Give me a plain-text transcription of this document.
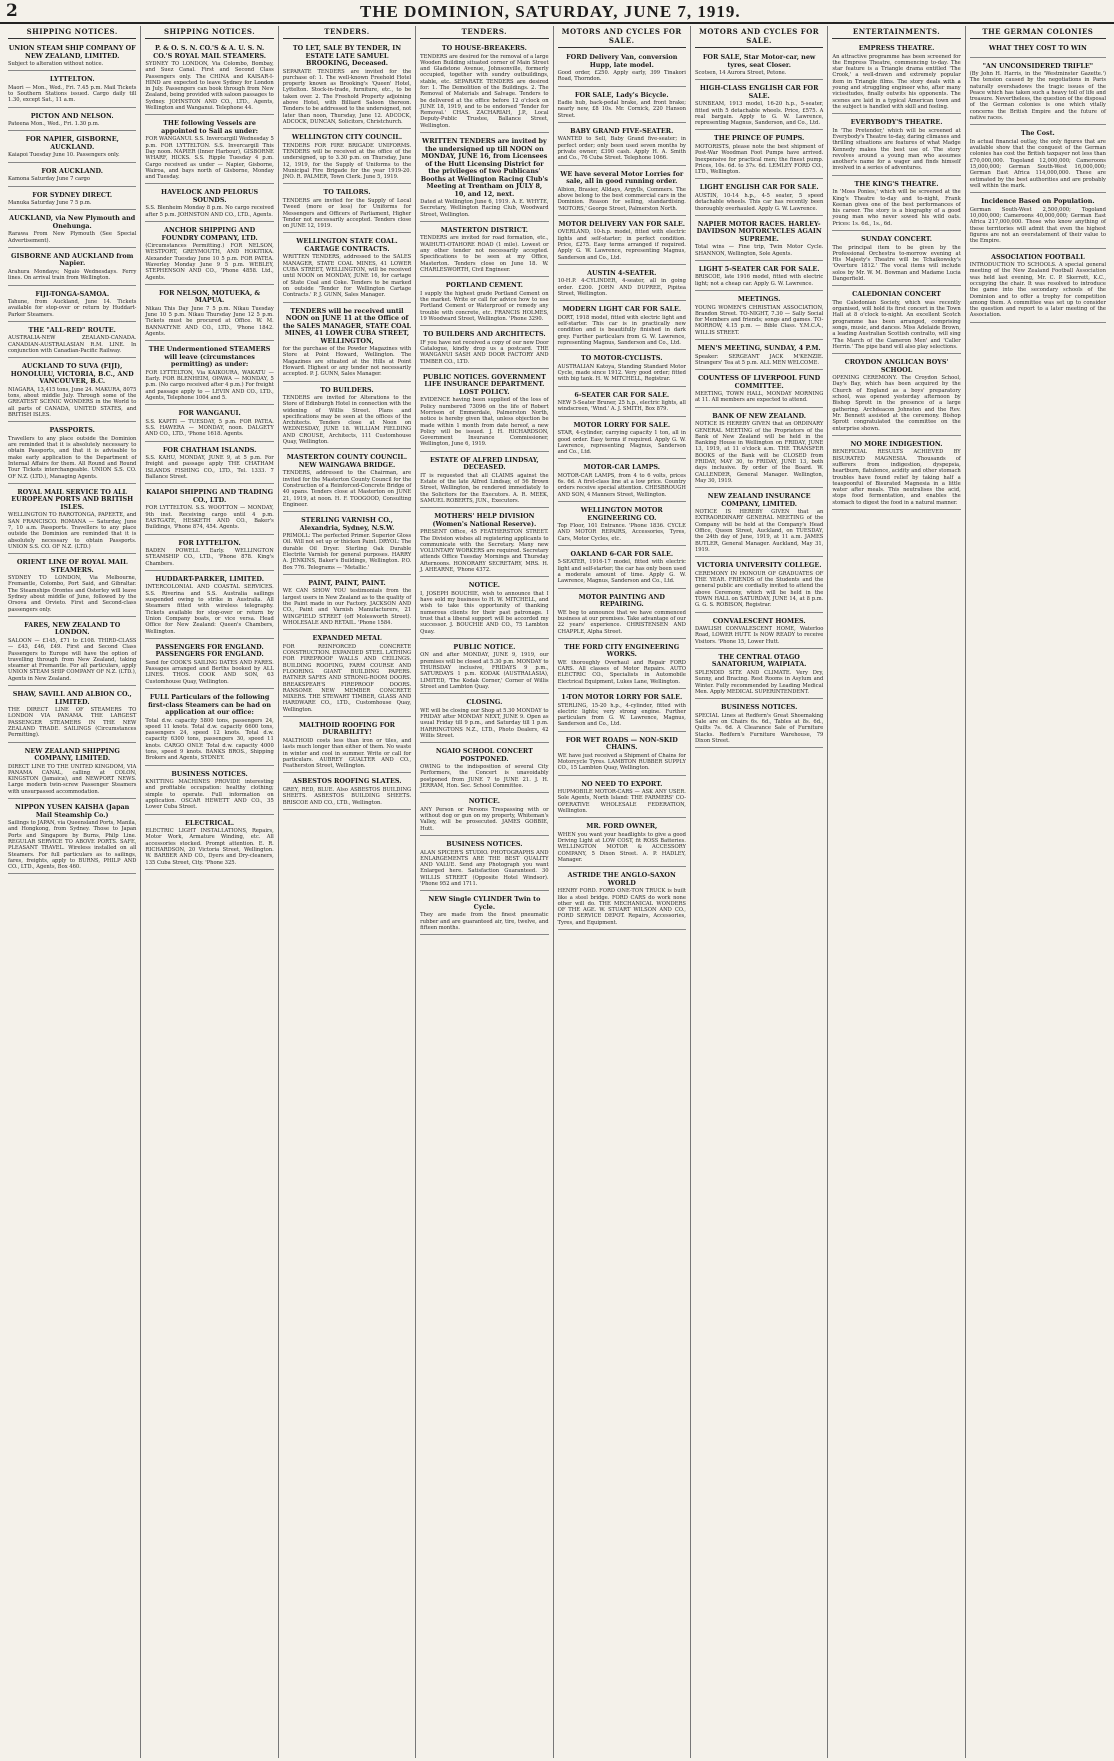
2	THE DOMINION, SATURDAY, JUNE 7, 1919.
SHIPPING NOTICES.
UNION STEAM SHIP COMPANY OF NEW ZEALAND, LIMITED.

Subject to alteration without notice.

LYTTELTON.

Maori — Mon., Wed., Fri. 7.45 p.m. Mail Tickets to Southern Stations issued. Cargo daily till 1.30, except Sat., 11 a.m.

PICTON AND NELSON.

Pateena Mon., Wed., Fri. 1.30 p.m.

FOR NAPIER, GISBORNE, AUCKLAND.

Kaiapoi Tuesday June 10. Passengers only.

FOR AUCKLAND.

Kamona Saturday June 7 cargo

FOR SYDNEY DIRECT.

Manuka Saturday June 7 5 p.m.

AUCKLAND, via New Plymouth and Onehunga.

Rarawa From New Plymouth (See Special Advertisement).

GISBORNE AND AUCKLAND from Napier.

Arahura Mondays; Ngaio Wednesdays. Ferry lines. On arrival train from Wellington.

FIJI-TONGA-SAMOA.

Tahune, from Auckland, June 14. Tickets available for stop-over or return by Huddart-Parker Steamers.

THE "ALL-RED" ROUTE.

AUSTRALIA-NEW ZEALAND-CANADA. CANADIAN-AUSTRALASIAN R.M. LINE. In conjunction with Canadian-Pacific Railway.

AUCKLAND TO SUVA (FIJI), HONOLULU, VICTORIA, B.C., AND VANCOUVER, B.C.

NIAGARA, 13,415 tons, June 24. MAKURA, 8075 tons, about middle July. Through some of the GREATEST SCENIC WONDERS in the World to all parts of CANADA, UNITED STATES, and BRITISH ISLES.

PASSPORTS.

Travellers to any place outside the Dominion are reminded that it is absolutely necessary to obtain Passports, and that it is advisable to make early application to the Department of Internal Affairs for them. All Round and Round Tour Tickets interchangeable. UNION S.S. CO. OF N.Z. (LTD.), Managing Agents.

ROYAL MAIL SERVICE TO ALL EUROPEAN PORTS AND BRITISH ISLES.

WELLINGTON TO RAROTONGA, PAPEETE, and SAN FRANCISCO. ROMANA — Saturday, June 7, 10 a.m. Passports. Travellers to any place outside the Dominion are reminded that it is absolutely necessary to obtain Passports. UNION S.S. CO. OF N.Z. (LTD.)

ORIENT LINE OF ROYAL MAIL STEAMERS.

SYDNEY TO LONDON, Via Melbourne, Fremantle, Colombo, Port Said, and Gibraltar. The Steamships Orontes and Osterley will leave Sydney about middle of June, followed by the Orsova and Orvieto. First and Second-class passengers only.

FARES, NEW ZEALAND TO LONDON.

SALOON — £145, £71 to £108. THIRD-CLASS — £43, £46, £49. First and Second Class Passengers to Europe will have the option of travelling through from New Zealand, taking steamer at Fremantle. For all particulars, apply UNION STEAM SHIP COMPANY OF N.Z. (LTD.), Agents in New Zealand.

SHAW, SAVILL AND ALBION CO., LIMITED.

THE DIRECT LINE OF STEAMERS TO LONDON VIA PANAMA. THE LARGEST PASSENGER STEAMERS IN THE NEW ZEALAND TRADE. SAILINGS (Circumstances Permitting).

NEW ZEALAND SHIPPING COMPANY, LIMITED.

DIRECT LINE TO THE UNITED KINGDOM, VIA PANAMA CANAL, calling at COLON, KINGSTON (Jamaica), and NEWPORT NEWS. Large modern twin-screw Passenger Steamers with unsurpassed accommodation.

NIPPON YUSEN KAISHA (Japan Mail Steamship Co.)

Sailings to JAPAN, via Queensland Ports, Manila, and Hongkong, from Sydney. Those to Japan Ports and Singapore by Burns, Philp Line. REGULAR SERVICE TO ABOVE PORTS. SAFE, PLEASANT TRAVEL. Wireless installed on all Steamers. For full particulars as to sailings, fares, freights, apply to BURNS, PHILP AND CO., LTD., Agents, Box 460.

SHIPPING NOTICES.
P. & O. S. N. CO.'S & A. U. S. N. CO.'S ROYAL MAIL STEAMERS.

SYDNEY TO LONDON, Via Colombo, Bombay, and Suez Canal. First and Second Class Passengers only. The CHINA and KAISAR-I-HIND are expected to leave Sydney for London in July. Passengers can book through from New Zealand, being provided with saloon passages to Sydney. JOHNSTON AND CO., LTD., Agents, Wellington and Wanganui. Telephone 44.

THE following Vessels are appointed to Sail as under:

FOR WANGANUI. S.S. Invercargill Wednesday 5 p.m. FOR LYTTELTON. S.S. Invercargill This Day noon. NAPIER (Inner Harbour), GISBORNE WHARF, HICKS. S.S. Ripple Tuesday 4 p.m. Cargo received as under — Napier, Gisborne, Wairoa, and bays north of Gisborne, Monday and Tuesday.

HAVELOCK AND PELORUS SOUNDS.

S.S. Blenheim Monday 8 p.m. No cargo received after 5 p.m. JOHNSTON AND CO., LTD., Agents.

ANCHOR SHIPPING AND FOUNDRY COMPANY, LTD.

(Circumstances Permitting.) FOR NELSON, WESTPORT, GREYMOUTH, AND HOKITIKA. Alexander Tuesday June 10 5 p.m. FOR PATEA. Waverley Monday June 9 5 p.m. WEBLEY, STEPHENSON AND CO., 'Phone 4858. Ltd., Agents.

FOR NELSON, MOTUEKA, & MAPUA.

Nikau This Day June 7 5 p.m. Nikau Tuesday June 10 5 p.m. Nikau Thursday June 12 5 p.m. Tickets must be procured at Office. W. M. BANNATYNE AND CO., LTD., 'Phone 1842. Agents.

THE Undermentioned STEAMERS will leave (circumstances permitting) as under:

FOR LYTTELTON, Via KAIKOURA, WAKATU — Early. FOR BLENHEIM, OPAWA — MONDAY, 5 p.m. (No cargo received after 4 p.m.) For freight and passage apply to — LEVIN AND CO., LTD., Agents, Telephone 1004 and 5.

FOR WANGANUI.

S.S. KAPITI — TUESDAY, 5 p.m. FOR PATEA. S.S. HAWERA — MONDAY, noon. DALGETY AND CO., LTD., 'Phone 1618. Agents.

FOR CHATHAM ISLANDS.

S.S. KAHU, MONDAY, JUNE 9, at 5 p.m. For freight and passage apply THE CHATHAM ISLANDS FISHING CO., LTD., Tel. 1333. 7 Ballance Street.

KAIAPOI SHIPPING AND TRADING CO., LTD.

FOR LYTTELTON. S.S. WOOTTON — MONDAY, 9th inst. Receiving cargo until 4 p.m. EASTGATE, HESKETH AND CO., Baker's Buildings, 'Phone 874, 454. Agents.

FOR LYTTELTON.

BADEN POWELL Early. WELLINGTON STEAMSHIP CO., LTD., 'Phone 878. King's Chambers.

HUDDART-PARKER, LIMITED.

INTERCOLONIAL AND COASTAL SERVICES. S.S. Riverina and S.S. Australia sailings suspended owing to strike in Australia. All Steamers fitted with wireless telegraphy. Tickets available for stop-over or return by Union Company boats, or vice versa. Head Office for New Zealand: Queen's Chambers, Wellington.

PASSENGERS FOR ENGLAND. PASSENGERS FOR ENGLAND.

Send for COOK'S SAILING DATES AND FARES. Passages arranged and Berths booked by ALL LINES. THOS. COOK AND SON, 63 Customhouse Quay, Wellington.

FULL Particulars of the following first-class Steamers can be had on application at our office:

Total d.w. capacity 5800 tons, passengers 24, speed 11 knots. Total d.w. capacity 6600 tons, passengers 24, speed 12 knots. Total d.w. capacity 6300 tons, passengers 30, speed 11 knots. CARGO ONLY: Total d.w. capacity 4000 tons, speed 9 knots. BANKS BROS., Shipping Brokers and Agents, SYDNEY.

BUSINESS NOTICES.

KNITTING MACHINES PROVIDE interesting and profitable occupation: healthy clothing; simple to operate. Full information on application. OSCAR HEWETT AND CO., 35 Lower Cuba Street.

ELECTRICAL.

ELECTRIC LIGHT INSTALLATIONS, Repairs, Motor Work, Armature Winding, etc. All accessories stocked. Prompt attention. E. R. RICHARDSON, 20 Victoria Street, Wellington. W. BARBER AND CO., Dyers and Dry-cleaners, 135 Cuba Street, City. 'Phone 325.

TENDERS.
TO LET, SALE BY TENDER, IN ESTATE LATE SAMUEL BROOKING, Deceased.

SEPARATE TENDERS are invited for the purchase of: 1. The well-known Freehold Hotel property known as Brooking's 'Queen' Hotel, Lyttelton. Stock-in-trade, furniture, etc., to be taken over. 2. The Freehold Property adjoining above Hotel, with Billiard Saloon thereon. Tenders to be addressed to the undersigned, not later than noon, Thursday, June 12. ADCOCK, ADCOCK, DUNCAN, Solicitors, Christchurch.

WELLINGTON CITY COUNCIL.

TENDERS FOR FIRE BRIGADE UNIFORMS. TENDERS will be received at the office of the undersigned, up to 3.30 p.m. on Thursday, June 12, 1919, for the Supply of Uniforms to the Municipal Fire Brigade for the year 1919-20. JNO. R. PALMER, Town Clerk. June 5, 1919.

TO TAILORS.

TENDERS are invited for the Supply of Local Tweed (more or less) for Uniforms for Messengers and Officers of Parliament, Higher Tender not necessarily accepted. Tenders close on JUNE 12, 1919.

WELLINGTON STATE COAL. CARTAGE CONTRACTS.

WRITTEN TENDERS, addressed to the SALES MANAGER, STATE COAL MINES, 41 LOWER CUBA STREET, WELLINGTON, will be received until NOON on MONDAY, JUNE 16, for cartage of State Coal and Coke. Tenders to be marked on outside 'Tender for Wellington Cartage Contracts.' P. J. GUNN, Sales Manager.

TENDERS will be received until NOON on JUNE 11 at the Office of the SALES MANAGER, STATE COAL MINES, 41 LOWER CUBA STREET, WELLINGTON,

for the purchase of the Powder Magazines with Store at Point Howard, Wellington. The Magazines are situated at the Hills at Point Howard. Highest or any tender not necessarily accepted. P. J. GUNN, Sales Manager.

TO BUILDERS.

TENDERS are invited for Alterations to the Store of Edinburgh Hotel in connection with the widening of Willis Street. Plans and specifications may be seen at the offices of the Architects. Tenders close at Noon on WEDNESDAY, JUNE 18. WILLIAM FIELDING AND CROUSE, Architects, 111 Customhouse Quay, Wellington.

MASTERTON COUNTY COUNCIL. NEW WAINGAWA BRIDGE.

TENDERS, addressed to the Chairman, are invited for the Masterton County Council for the Construction of a Reinforced-Concrete Bridge of 40 spans. Tenders close at Masterton on JUNE 21, 1919, at noon. H. F. TOOGOOD, Consulting Engineer.

STERLING VARNISH CO., Alexandria, Sydney, N.S.W.

PRIMOLL: The perfected Primer. Superior Gloss Oil. Will not set up or thicken Paint. DRYOL: The durable Oil Dryer. Sterling Oak Durable Electrite Varnish for general purposes. HARRY A. JENKINS, Baker's Buildings, Wellington. P.O. Box 776. Telegrams — 'Metallic.'

PAINT, PAINT, PAINT.

WE CAN SHOW YOU testimonials from the largest users in New Zealand as to the quality of the Paint made in our Factory. JACKSON AND CO., Paint and Varnish Manufacturers, 21 WINGFIELD STREET (off Molesworth Street). WHOLESALE AND RETAIL. 'Phone 1584.

EXPANDED METAL

FOR REINFORCED CONCRETE CONSTRUCTION. EXPANDED STEEL LATHING FOR FIREPROOF WALLS AND CEILINGS. BUILDING ROOFING, FARM COURSE AND FLOORING. GIANT BUILDING PAPERS. RATNER SAFES AND STRONG-ROOM DOORS. BREAKSPEAR'S FIREPROOF DOORS. RANSOME NEW MEMBER CONCRETE MIXERS. THE STEWART TIMBER, GLASS AND HARDWARE CO., LTD., Customhouse Quay, Wellington.

MALTHOID ROOFING FOR DURABILITY!

MALTHOID costs less than iron or tiles, and lasts much longer than either of them. No waste in winter and cool in summer. Write or call for particulars. AUBREY GUALTER AND CO., Featherston Street, Wellington.

ASBESTOS ROOFING SLATES.

GREY, RED, BLUE. Also ASBESTOS BUILDING SHEETS. ASBESTOS BUILDING SHEETS. BRISCOE AND CO., LTD., Wellington.

TENDERS.
TO HOUSE-BREAKERS.

TENDERS are desired for the removal of a large Wooden Building situated corner of Main Street and Gladstone Avenue, Johnsonville, formerly occupied, together with sundry outbuildings, stable, etc. SEPARATE TENDERS are desired for: 1. The Demolition of the Buildings. 2. The Removal of Materials and Salvage. Tenders to be delivered at the office before 12 o'clock on JUNE 18, 1919, and to be endorsed 'Tender for Removal.' CHAS. ZACHARIAH, J.P., Local Deputy-Public Trustee, Ballance Street, Wellington.

WRITTEN TENDERS are invited by the undersigned up till NOON on MONDAY, JUNE 16, from Licensees of the Hutt Licensing District for the privileges of two Publicans' Booths at Wellington Racing Club's Meeting at Trentham on JULY 8, 10, and 12, next.

Dated at Wellington June 6, 1919. A. E. WHYTE, Secretary, Wellington Racing Club, Woodward Street, Wellington.

MASTERTON DISTRICT.

TENDERS are invited for road formation, etc., WAIHUTI-OTAHORE ROAD (1 mile). Lowest or any other tender not necessarily accepted. Specifications to be seen at my Office, Masterton. Tenders close on June 18. W. CHARLESWORTH, Civil Engineer.

PORTLAND CEMENT.

I supply the highest grade Portland Cement on the market. Write or call for advice how to use Portland Cement or Waterproof or remedy any trouble with concrete, etc. FRANCIS HOLMES, 19 Woodward Street, Wellington. 'Phone 3290.

TO BUILDERS AND ARCHITECTS.

IF you have not received a copy of our new Door Catalogue, kindly drop us a postcard. THE WANGANUI SASH AND DOOR FACTORY AND TIMBER CO., LTD.

PUBLIC NOTICES. GOVERNMENT LIFE INSURANCE DEPARTMENT. LOST POLICY.

EVIDENCE having been supplied of the loss of Policy numbered 73096 on the life of Robert Morrison of Emmerdale, Palmerston North, notice is hereby given that, unless objection be made within 1 month from date hereof, a new Policy will be issued. J. H. RICHARDSON, Government Insurance Commissioner, Wellington, June 6, 1919.

ESTATE OF ALFRED LINDSAY, DECEASED.

IT is requested that all CLAIMS against the Estate of the late Alfred Lindsay, of 56 Brown Street, Wellington, be rendered immediately to the Solicitors for the Executors. A. R. MEEK, SAMUEL ROBERTS, JUN., Executors.

MOTHERS' HELP DIVISION (Women's National Reserve).

PRESENT Office, 45 FEATHERSTON STREET. The Division wishes all registering applicants to communicate with the Secretary. Many new VOLUNTARY WORKERS are required. Secretary attends Office Tuesday Mornings and Thursday Afternoons. HONORARY SECRETARY, MRS. H. J. AHEARNE, 'Phone 4372.

NOTICE.

I, JOSEPH BOUCHIE, wish to announce that I have sold my business to H. W. MITCHELL, and wish to take this opportunity of thanking numerous clients for their past patronage. I trust that a liberal support will be accorded my successor. J. BOUCHIE AND CO., 75 Lambton Quay.

PUBLIC NOTICE.

ON and after MONDAY, JUNE 9, 1919, our premises will be closed at 5.30 p.m. MONDAY to THURSDAY inclusive, FRIDAYS 9 p.m., SATURDAYS 1 p.m. KODAK (AUSTRALASIA), LIMITED, 'The Kodak Corner,' Corner of Willis Street and Lambton Quay.

CLOSING.

WE will be closing our Shop at 5.30 MONDAY to FRIDAY after MONDAY NEXT, JUNE 9. Open as usual Friday till 9 p.m., and Saturday till 1 p.m. HARRINGTONS N.Z., LTD., Photo Dealers, 42 Willis Street.

NGAIO SCHOOL CONCERT POSTPONED.

OWING to the indisposition of several City Performers, the Concert is unavoidably postponed from JUNE 7 to JUNE 21. J. H. JERRAM, Hon. Sec. School Committee.

NOTICE.

ANY Person or Persons Trespassing with or without dog or gun on my property, Whiteman's Valley, will be prosecuted. JAMES GOBBIE, Hutt.

BUSINESS NOTICES.

ALAN SPICER'S STUDIO. PHOTOGRAPHS AND ENLARGEMENTS ARE THE BEST QUALITY AND VALUE. Send any Photograph you want Enlarged here. Satisfaction Guaranteed. 30 WILLIS STREET (Opposite Hotel Windsor). 'Phone 952 and 1711.

NEW Single CYLINDER Twin to Cycle.

They are made from the finest pneumatic rubber and are guaranteed air, tire, twelve, and fifteen months.

MOTORS AND CYCLES FOR SALE.
FORD Delivery Van, conversion Hupp, late model.

Good order, £250. Apply early, 399 Tinakori Road, Thorndon.

FOR SALE, Lady's Bicycle.

Eadie hub, back-pedal brake, and front brake; nearly new, £8 10s. Mr. Cornick, 220 Hanson Street.

BABY GRAND FIVE-SEATER.

WANTED to Sell, Baby Grand five-seater; in perfect order; only been used seven months by private owner; £390 cash. Apply H. A. Smith and Co., 76 Cuba Street. Telephone 1066.

WE have several Motor Lorries for sale, all in good running order.

Albion, Brasier, Alldays, Argylls, Commers. The above belong to the best commercial cars in the Dominion. Reason for selling, standardising. 'MOTORS,' George Street, Palmerston North.

MOTOR DELIVERY VAN FOR SALE.

OVERLAND, 10-h.p. model, fitted with electric lights and self-starter; in perfect condition. Price, £275. Easy terms arranged if required. Apply G. W. Lawrence, representing Magnus, Sanderson and Co., Ltd.

AUSTIN 4-SEATER.

10-H.P. 4-CYLINDER, 4-seater, all in going order. £200. JOHN AND DUPREE, Pipitea Street, Wellington.

MODERN LIGHT CAR FOR SALE.

DORT, 1918 model, fitted with electric light and self-starter. This car is in practically new condition and is beautifully finished in dark grey. Further particulars from G. W. Lawrence, representing Magnus, Sanderson and Co., Ltd.

TO MOTOR-CYCLISTS.

AUSTRALIAN Katoya, Standing Standard Motor Cycle, made since 1912. Very good order; fitted with big tank. H. W. MITCHELL, Registrar.

6-SEATER CAR FOR SALE.

NEW 5-Seater Bruner, 25 h.p., electric lights, all windscreen, 'Wind.' A. J. SMITH, Box 879.

MOTOR LORRY FOR SALE.

STAR, 4-cylinder, carrying capacity 1 ton, all in good order. Easy terms if required. Apply G. W. Lawrence, representing Magnus, Sanderson and Co., Ltd.

MOTOR-CAR LAMPS.

MOTOR-CAR LAMPS, from 4 to 6 volts, prices 6s. 6d. A first-class line at a low price. Country orders receive special attention. CHESBROUGH AND SON, 4 Manners Street, Wellington.

WELLINGTON MOTOR ENGINEERING CO.

Top Floor, 101 Entrance. 'Phone 1836. CYCLE AND MOTOR REPAIRS, Accessories, Tyres, Cars, Motor Cycles, etc.

OAKLAND 6-CAR FOR SALE.

5-SEATER, 1916-17 model, fitted with electric light and self-starter; the car has only been used a moderate amount of time. Apply G. W. Lawrence, Magnus, Sanderson and Co., Ltd.

MOTOR PAINTING AND REPAIRING.

WE beg to announce that we have commenced business at our premises. Take advantage of our 22 years' experience. CHRISTENSEN AND CHAPPLE, Alpha Street.

THE FORD CITY ENGINEERING WORKS.

WE thoroughly Overhaul and Repair FORD CARS. All classes of Motor Repairs. AUTO ELECTRIC CO., Specialists in Automobile Electrical Equipment, Lukes Lane, Wellington.

1-TON MOTOR LORRY FOR SALE.

STERLING, 15-20 h.p., 4-cylinder, fitted with electric lights; very strong engine. Further particulars from G. W. Lawrence, Magnus, Sanderson and Co., Ltd.

FOR WET ROADS — NON-SKID CHAINS.

WE have just received a Shipment of Chains for Motorcycle Tyres. LAMBTON RUBBER SUPPLY CO., 15 Lambton Quay, Wellington.

NO NEED TO EXPORT.

HUPMOBILE MOTOR-CARS — ASK ANY USER. Sole Agents, North Island: THE FARMERS' CO-OPERATIVE WHOLESALE FEDERATION, Wellington.

MR. FORD OWNER,

WHEN you want your headlights to give a good Driving Light at LOW COST, fit ROSS Batteries. WELLINGTON MOTOR & ACCESSORY COMPANY, 5 Dixon Street. A. P. HADLEY, Manager.

ASTRIDE THE ANGLO-SAXON WORLD

HENRY FORD. FORD ONE-TON TRUCK is built like a steel bridge. FORD CARS do work none other will do. THE MECHANICAL WONDERS OF THE AGE. W. STUART WILSON AND CO., FORD SERVICE DEPOT. Repairs, Accessories, Tyres, and Equipment.

MOTORS AND CYCLES FOR SALE.
FOR SALE, Star Motor-car, new tyres, seat Closer.

Scotsen, 14 Aurora Street, Petone.

HIGH-CLASS ENGLISH CAR FOR SALE.

SUNBEAM, 1913 model, 16-20 h.p., 5-seater, fitted with 5 detachable wheels. Price, £575. A real bargain. Apply to G. W. Lawrence, representing Magnus, Sanderson, and Co., Ltd.

THE PRINCE OF PUMPS.

MOTORISTS, please note the best shipment of Post-War Woodman Foot Pumps have arrived. Inexpensive for practical men; the finest pump. Prices, 10s. 6d. to 37s. 6d. LEMLEY FORD CO., LTD., Wellington.

LIGHT ENGLISH CAR FOR SALE.

AUSTIN, 10-14 h.p., 4-5 seater, 5 speed detachable wheels. This car has recently been thoroughly overhauled. Apply G. W. Lawrence.

NAPIER MOTOR RACES. HARLEY-DAVIDSON MOTORCYCLES AGAIN SUPREME.

Total wins — Fine trip, Twin Motor Cycle. SHANNON, Wellington, Sole Agents.

LIGHT 5-SEATER CAR FOR SALE.

BRISCOE, late 1916 model, fitted with electric light; not a cheap car. Apply G. W. Lawrence.

MEETINGS.

YOUNG WOMEN'S CHRISTIAN ASSOCIATION, Brandon Street. TO-NIGHT, 7.30 — Sally Social for Members and friends; songs and games. TO-MORROW, 4.15 p.m. — Bible Class. Y.M.C.A., WILLIS STREET.

MEN'S MEETING, SUNDAY, 4 P.M.

Speaker: SERGEANT JACK M'KENZIE. Strangers' Tea at 5 p.m. ALL MEN WELCOME.

COUNTESS OF LIVERPOOL FUND COMMITTEE.

MEETING, TOWN HALL, MONDAY MORNING at 11. All members are expected to attend.

BANK OF NEW ZEALAND.

NOTICE IS HEREBY GIVEN that an ORDINARY GENERAL MEETING of the Proprietors of the Bank of New Zealand will be held in the Banking House in Wellington on FRIDAY, JUNE 13, 1919, at 11 o'clock a.m. THE TRANSFER BOOKS of the Bank will be CLOSED from FRIDAY, MAY 30, to FRIDAY, JUNE 13, both days inclusive. By order of the Board. W. CALLENDER, General Manager. Wellington, May 30, 1919.

NEW ZEALAND INSURANCE COMPANY, LIMITED.

NOTICE IS HEREBY GIVEN that an EXTRAORDINARY GENERAL MEETING of the Company will be held at the Company's Head Office, Queen Street, Auckland, on TUESDAY, the 24th day of June, 1919, at 11 a.m. JAMES BUTLER, General Manager. Auckland, May 31, 1919.

VICTORIA UNIVERSITY COLLEGE.

CEREMONY IN HONOUR OF GRADUATES OF THE YEAR. FRIENDS of the Students and the general public are cordially invited to attend the above Ceremony, which will be held in the TOWN HALL on SATURDAY, JUNE 14, at 8 p.m. G. G. S. ROBISON, Registrar.

CONVALESCENT HOMES.

DAWLISH CONVALESCENT HOME, Waterloo Road, LOWER HUTT. Is NOW READY to receive Visitors. 'Phone 15, Lower Hutt.

THE CENTRAL OTAGO SANATORIUM, WAIPIATA.

SPLENDID SITE AND CLIMATE. Very Dry, Sunny, and Bracing. Rest Rooms in Asylum and Winter. Fully recommended by Leading Medical Men. Apply MEDICAL SUPERINTENDENT.

BUSINESS NOTICES.

SPECIAL Lines at Redfern's Great Shoemaking Sale are on Chairs 6s. 6d., Tables at 8s. 6d., Quilts 7s. 6d. A Clearance Sale of Furniture Stacks. Redfern's Furniture Warehouse, 79 Dixon Street.

ENTERTAINMENTS.
EMPRESS THEATRE.

An attractive programme has been screened for the Empress Theatre, commencing to-day. The star feature is a Triangle drama entitled 'The Crook,' a well-drawn and extremely popular item in Triangle films. The story deals with a young and struggling engineer who, after many vicissitudes, finally outwits his opponents. The scenes are laid in a typical American town and the subject is handled with skill and feeling.

EVERYBODY'S THEATRE.

In 'The Pretender,' which will be screened at Everybody's Theatre to-day, daring climaxes and thrilling situations are features of what Madge Kennedy makes the best use of. The story revolves around a young man who assumes another's name for a wager and finds himself involved in a series of adventures.

THE KING'S THEATRE.

In 'Moss Ponies,' which will be screened at the King's Theatre to-day and to-night, Frank Keenan gives one of the best performances of his career. The story is a biography of a good young man who never sowed his wild oats. Prices: 1s. 6d., 1s., 6d.

SUNDAY CONCERT.

The principal item to be given by the Professional Orchestra to-morrow evening at His Majesty's Theatre will be Tchaikowsky's 'Overture 1812.' The vocal items will include solos by Mr. W. M. Bowman and Madame Lucia Dangerfield.

CALEDONIAN CONCERT

The Caledonian Society, which was recently organised, will hold its first concert in the Town Hall at 8 o'clock to-night. An excellent Scotch programme has been arranged, comprising songs, music, and dances. Miss Adelaide Brown, a leading Australian Scottish contralto, will sing 'The March of the Cameron Men' and 'Caller Herrin.' The pipe band will also play selections.

CROYDON ANGLICAN BOYS' SCHOOL

OPENING CEREMONY. The Croydon School, Day's Bay, which has been acquired by the Church of England as a boys' preparatory school, was opened yesterday afternoon by Bishop Sprott in the presence of a large gathering. Archdeacon Johnston and the Rev. Mr. Bennett assisted at the ceremony. Bishop Sprott congratulated the committee on the enterprise shown.

NO MORE INDIGESTION.

BENEFICIAL RESULTS ACHIEVED BY BISURATED MAGNESIA. Thousands of sufferers from indigestion, dyspepsia, heartburn, flatulence, acidity and other stomach troubles have found relief by taking half a teaspoonful of Bisurated Magnesia in a little water after meals. This neutralises the acid, stops food fermentation, and enables the stomach to digest the food in a natural manner.

THE GERMAN COLONIES
WHAT THEY COST TO WIN
"AN UNCONSIDERED TRIFLE"

(By John H. Harris, in the 'Westminster Gazette.') The tension caused by the negotiations in Paris naturally overshadows the tragic issues of the Peace which has taken such a heavy toll of life and treasure. Nevertheless, the question of the disposal of the German colonies is one which vitally concerns the British Empire and the future of native races.

The Cost.

In actual financial outlay, the only figures that are available show that the conquest of the German colonies has cost the British taxpayer not less than £70,000,000. Togoland 12,000,000; Cameroons 15,000,000; German South-West 16,000,000; German East Africa 114,000,000. These are estimated by the best authorities and are probably well within the mark.

Incidence Based on Population.

German South-West 2,500,000; Togoland 10,000,000; Cameroons 40,000,000; German East Africa 217,000,000. Those who know anything of these territories will admit that even the highest figures are not an overstatement of their value to the Empire.

ASSOCIATION FOOTBALL

INTRODUCTION TO SCHOOLS. A special general meeting of the New Zealand Football Association was held last evening, Mr. C. P. Skerrett, K.C., occupying the chair. It was resolved to introduce the game into the secondary schools of the Dominion and to offer a trophy for competition among them. A committee was set up to consider the question and report to a later meeting of the Association.
